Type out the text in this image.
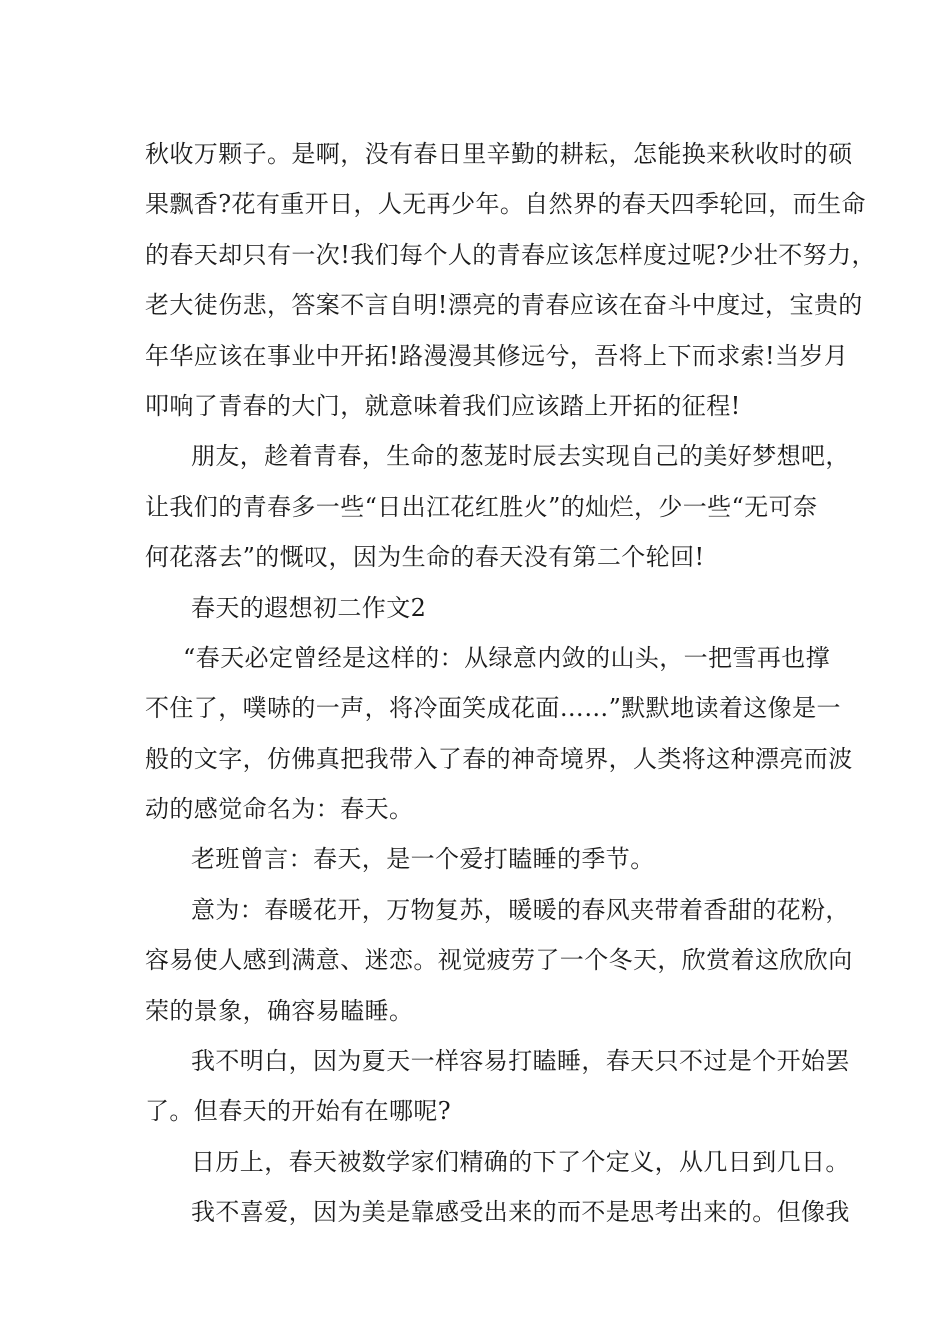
秋收万颗子。是啊，没有春日里辛勤的耕耘，怎能换来秋收时的硕
果飘香?花有重开日，人无再少年。自然界的春天四季轮回，而生命
的春天却只有一次!我们每个人的青春应该怎样度过呢?少壮不努力，
老大徒伤悲，答案不言自明!漂亮的青春应该在奋斗中度过，宝贵的
年华应该在事业中开拓!路漫漫其修远兮，吾将上下而求索!当岁月
叩响了青春的大门，就意味着我们应该踏上开拓的征程!
朋友，趁着青春，生命的葱茏时辰去实现自己的美好梦想吧，
让我们的青春多一些“日出江花红胜火”的灿烂，少一些“无可奈
何花落去”的慨叹，因为生命的春天没有第二个轮回!
春天的遐想初二作文2
“春天必定曾经是这样的：从绿意内敛的山头，一把雪再也撑
不住了，噗哧的一声，将冷面笑成花面……”默默地读着这像是一
般的文字，仿佛真把我带入了春的神奇境界，人类将这种漂亮而波
动的感觉命名为：春天。
老班曾言：春天，是一个爱打瞌睡的季节。
意为：春暖花开，万物复苏，暖暖的春风夹带着香甜的花粉，
容易使人感到满意、迷恋。视觉疲劳了一个冬天，欣赏着这欣欣向
荣的景象，确容易瞌睡。
我不明白，因为夏天一样容易打瞌睡，春天只不过是个开始罢
了。但春天的开始有在哪呢?
日历上，春天被数学家们精确的下了个定义，从几日到几日。
我不喜爱，因为美是靠感受出来的而不是思考出来的。但像我
